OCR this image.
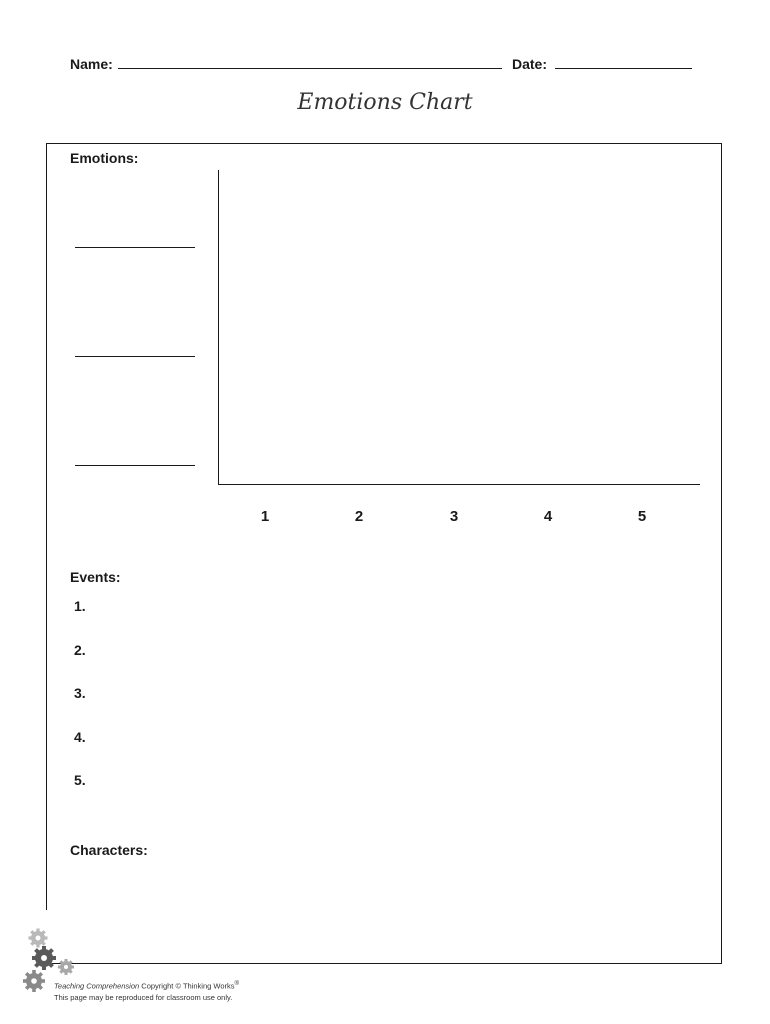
Name:	Date:
Emotions Chart
Emotions:
1	2	3	4	5
Events:
1.
2.
3.
4.
5.
Characters:
Teaching Comprehension Copyright © Thinking Works®
This page may be reproduced for classroom use only.
